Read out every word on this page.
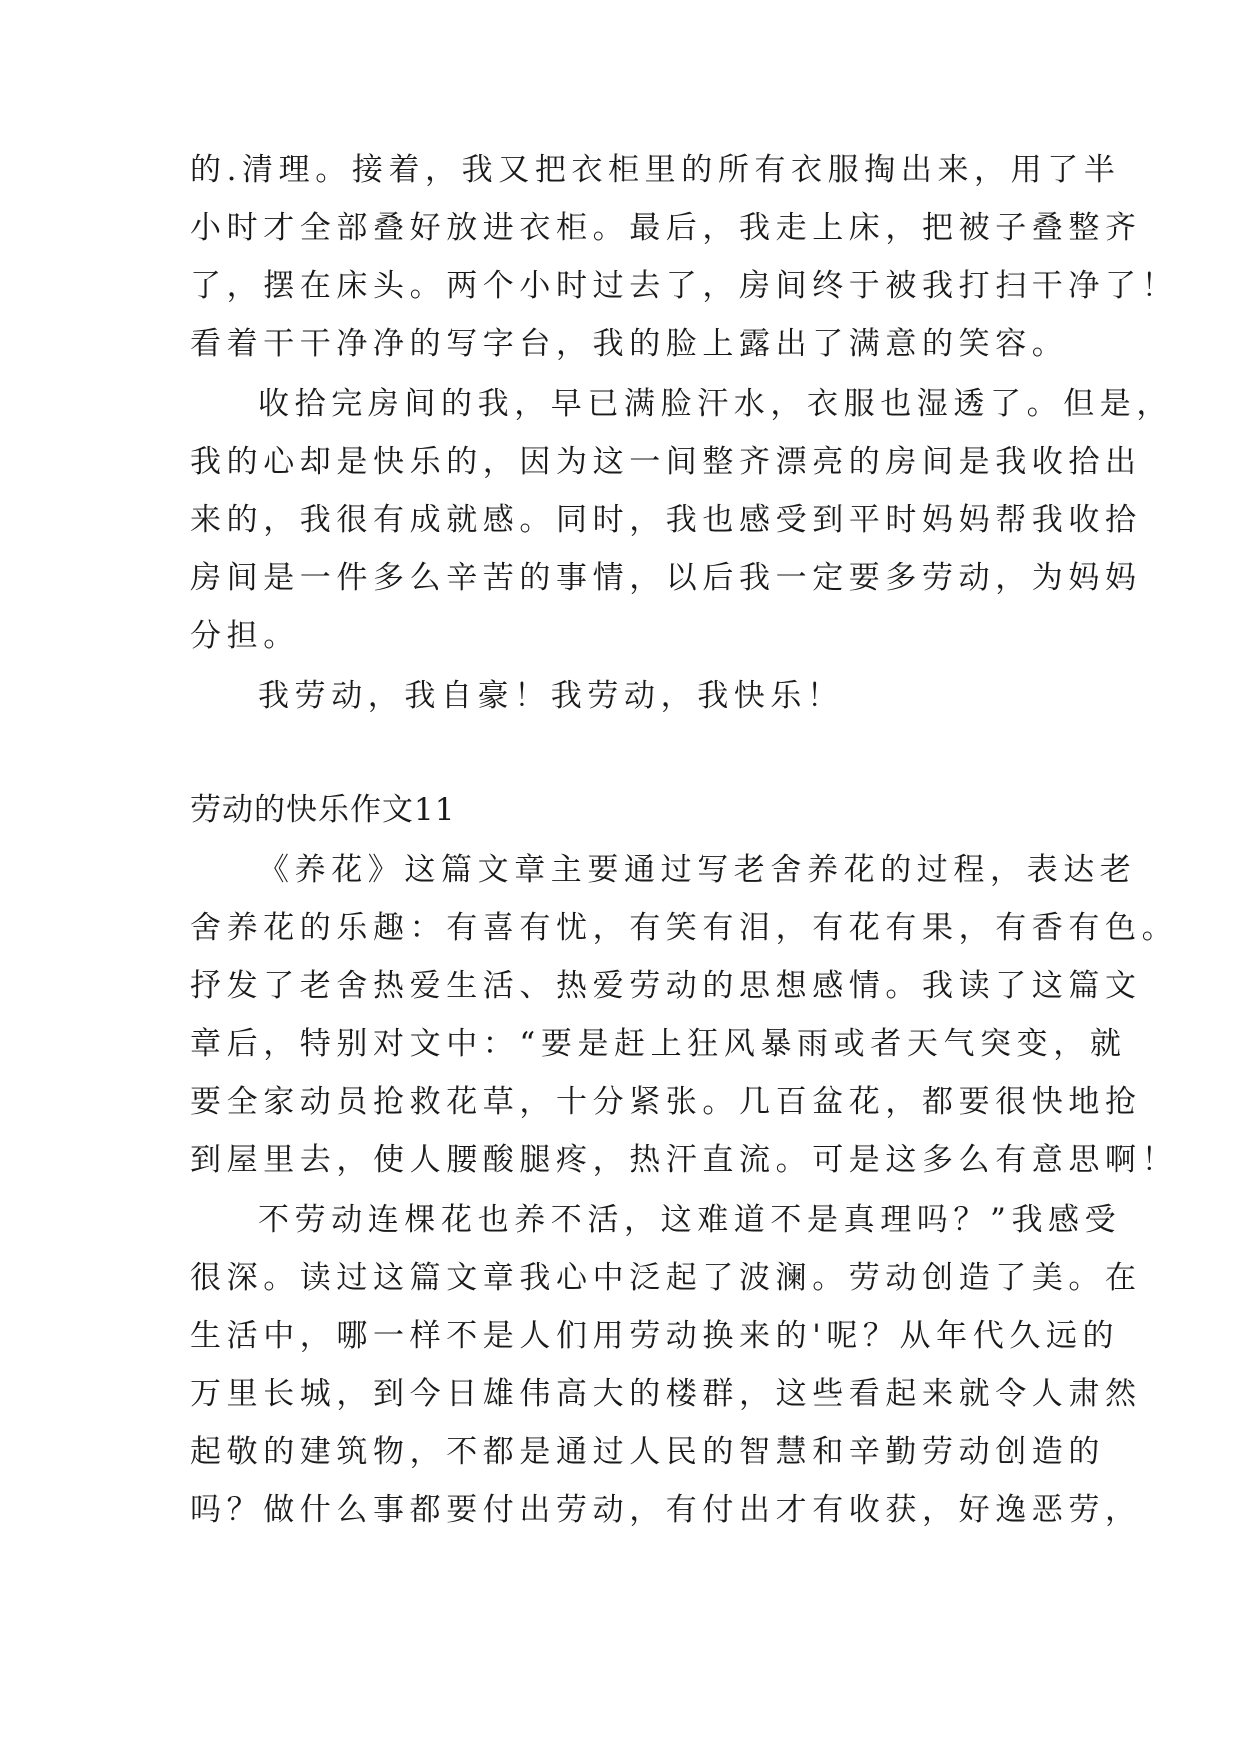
的.清理。接着，我又把衣柜里的所有衣服掏出来，用了半
小时才全部叠好放进衣柜。最后，我走上床，把被子叠整齐
了，摆在床头。两个小时过去了，房间终于被我打扫干净了！
看着干干净净的写字台，我的脸上露出了满意的笑容。
收拾完房间的我，早已满脸汗水，衣服也湿透了。但是，
我的心却是快乐的，因为这一间整齐漂亮的房间是我收拾出
来的，我很有成就感。同时，我也感受到平时妈妈帮我收拾
房间是一件多么辛苦的事情，以后我一定要多劳动，为妈妈
分担。
我劳动，我自豪！我劳动，我快乐！
劳动的快乐作文11
《养花》这篇文章主要通过写老舍养花的过程，表达老
舍养花的乐趣：有喜有忧，有笑有泪，有花有果，有香有色。
抒发了老舍热爱生活、热爱劳动的思想感情。我读了这篇文
章后，特别对文中：“要是赶上狂风暴雨或者天气突变，就
要全家动员抢救花草，十分紧张。几百盆花，都要很快地抢
到屋里去，使人腰酸腿疼，热汗直流。可是这多么有意思啊！
不劳动连棵花也养不活，这难道不是真理吗？”我感受
很深。读过这篇文章我心中泛起了波澜。劳动创造了美。在
生活中，哪一样不是人们用劳动换来的'呢？从年代久远的
万里长城，到今日雄伟高大的楼群，这些看起来就令人肃然
起敬的建筑物，不都是通过人民的智慧和辛勤劳动创造的
吗？做什么事都要付出劳动，有付出才有收获，好逸恶劳，
